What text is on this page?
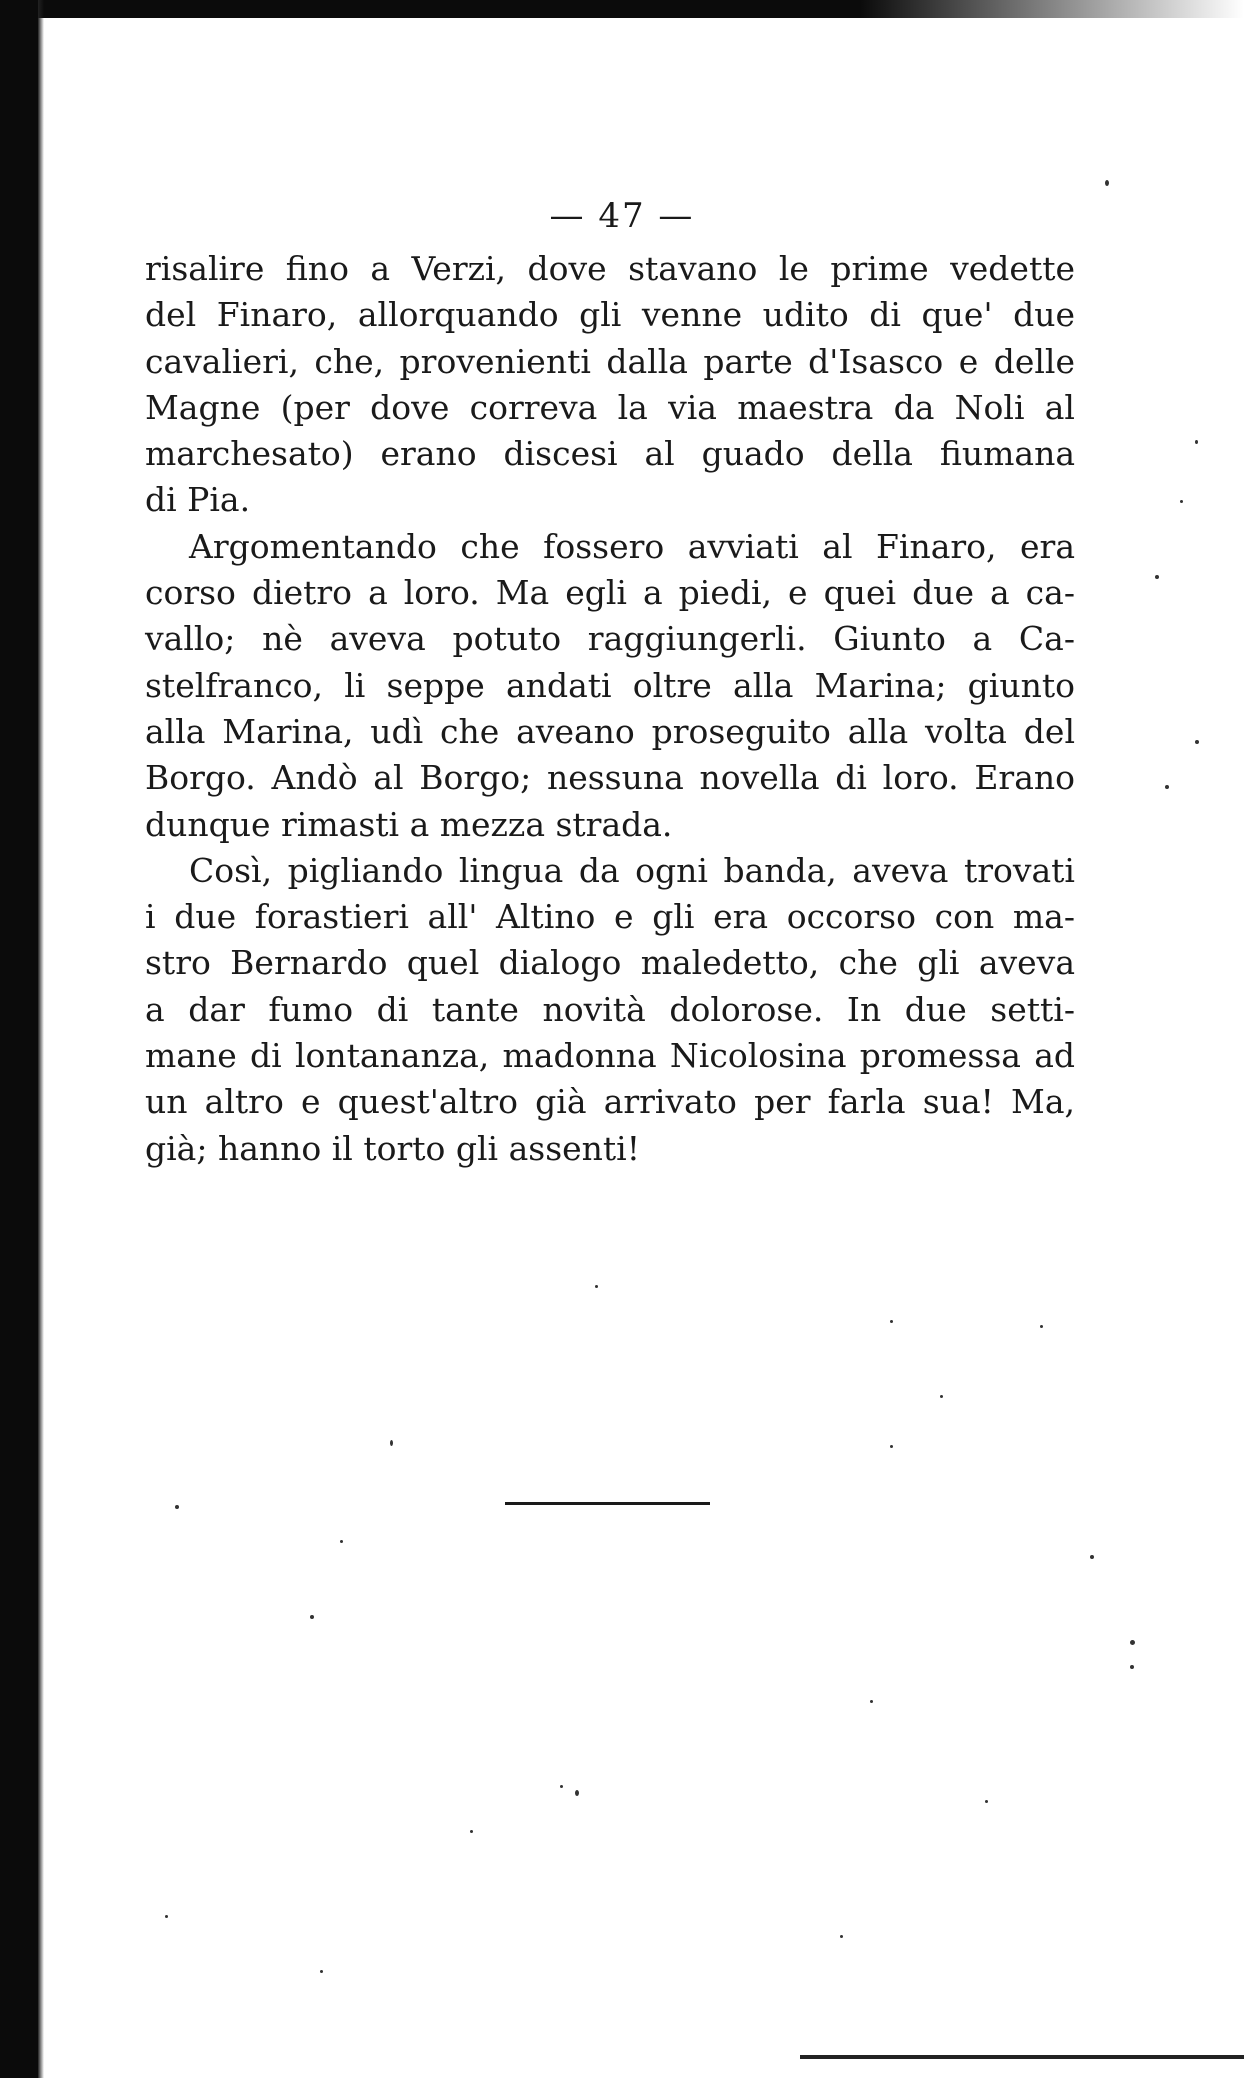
— 47 —
risalire fino a Verzi, dove stavano le prime vedette
del Finaro, allorquando gli venne udito di que' due
cavalieri, che, provenienti dalla parte d'Isasco e delle
Magne (per dove correva la via maestra da Noli al
marchesato) erano discesi al guado della fiumana
di Pia.
Argomentando che fossero avviati al Finaro, era
corso dietro a loro. Ma egli a piedi, e quei due a ca-
vallo; nè aveva potuto raggiungerli. Giunto a Ca-
stelfranco, li seppe andati oltre alla Marina; giunto
alla Marina, udì che aveano proseguito alla volta del
Borgo. Andò al Borgo; nessuna novella di loro. Erano
dunque rimasti a mezza strada.
Così, pigliando lingua da ogni banda, aveva trovati
i due forastieri all' Altino e gli era occorso con ma-
stro Bernardo quel dialogo maledetto, che gli aveva
a dar fumo di tante novità dolorose. In due setti-
mane di lontananza, madonna Nicolosina promessa ad
un altro e quest'altro già arrivato per farla sua! Ma,
già; hanno il torto gli assenti!
